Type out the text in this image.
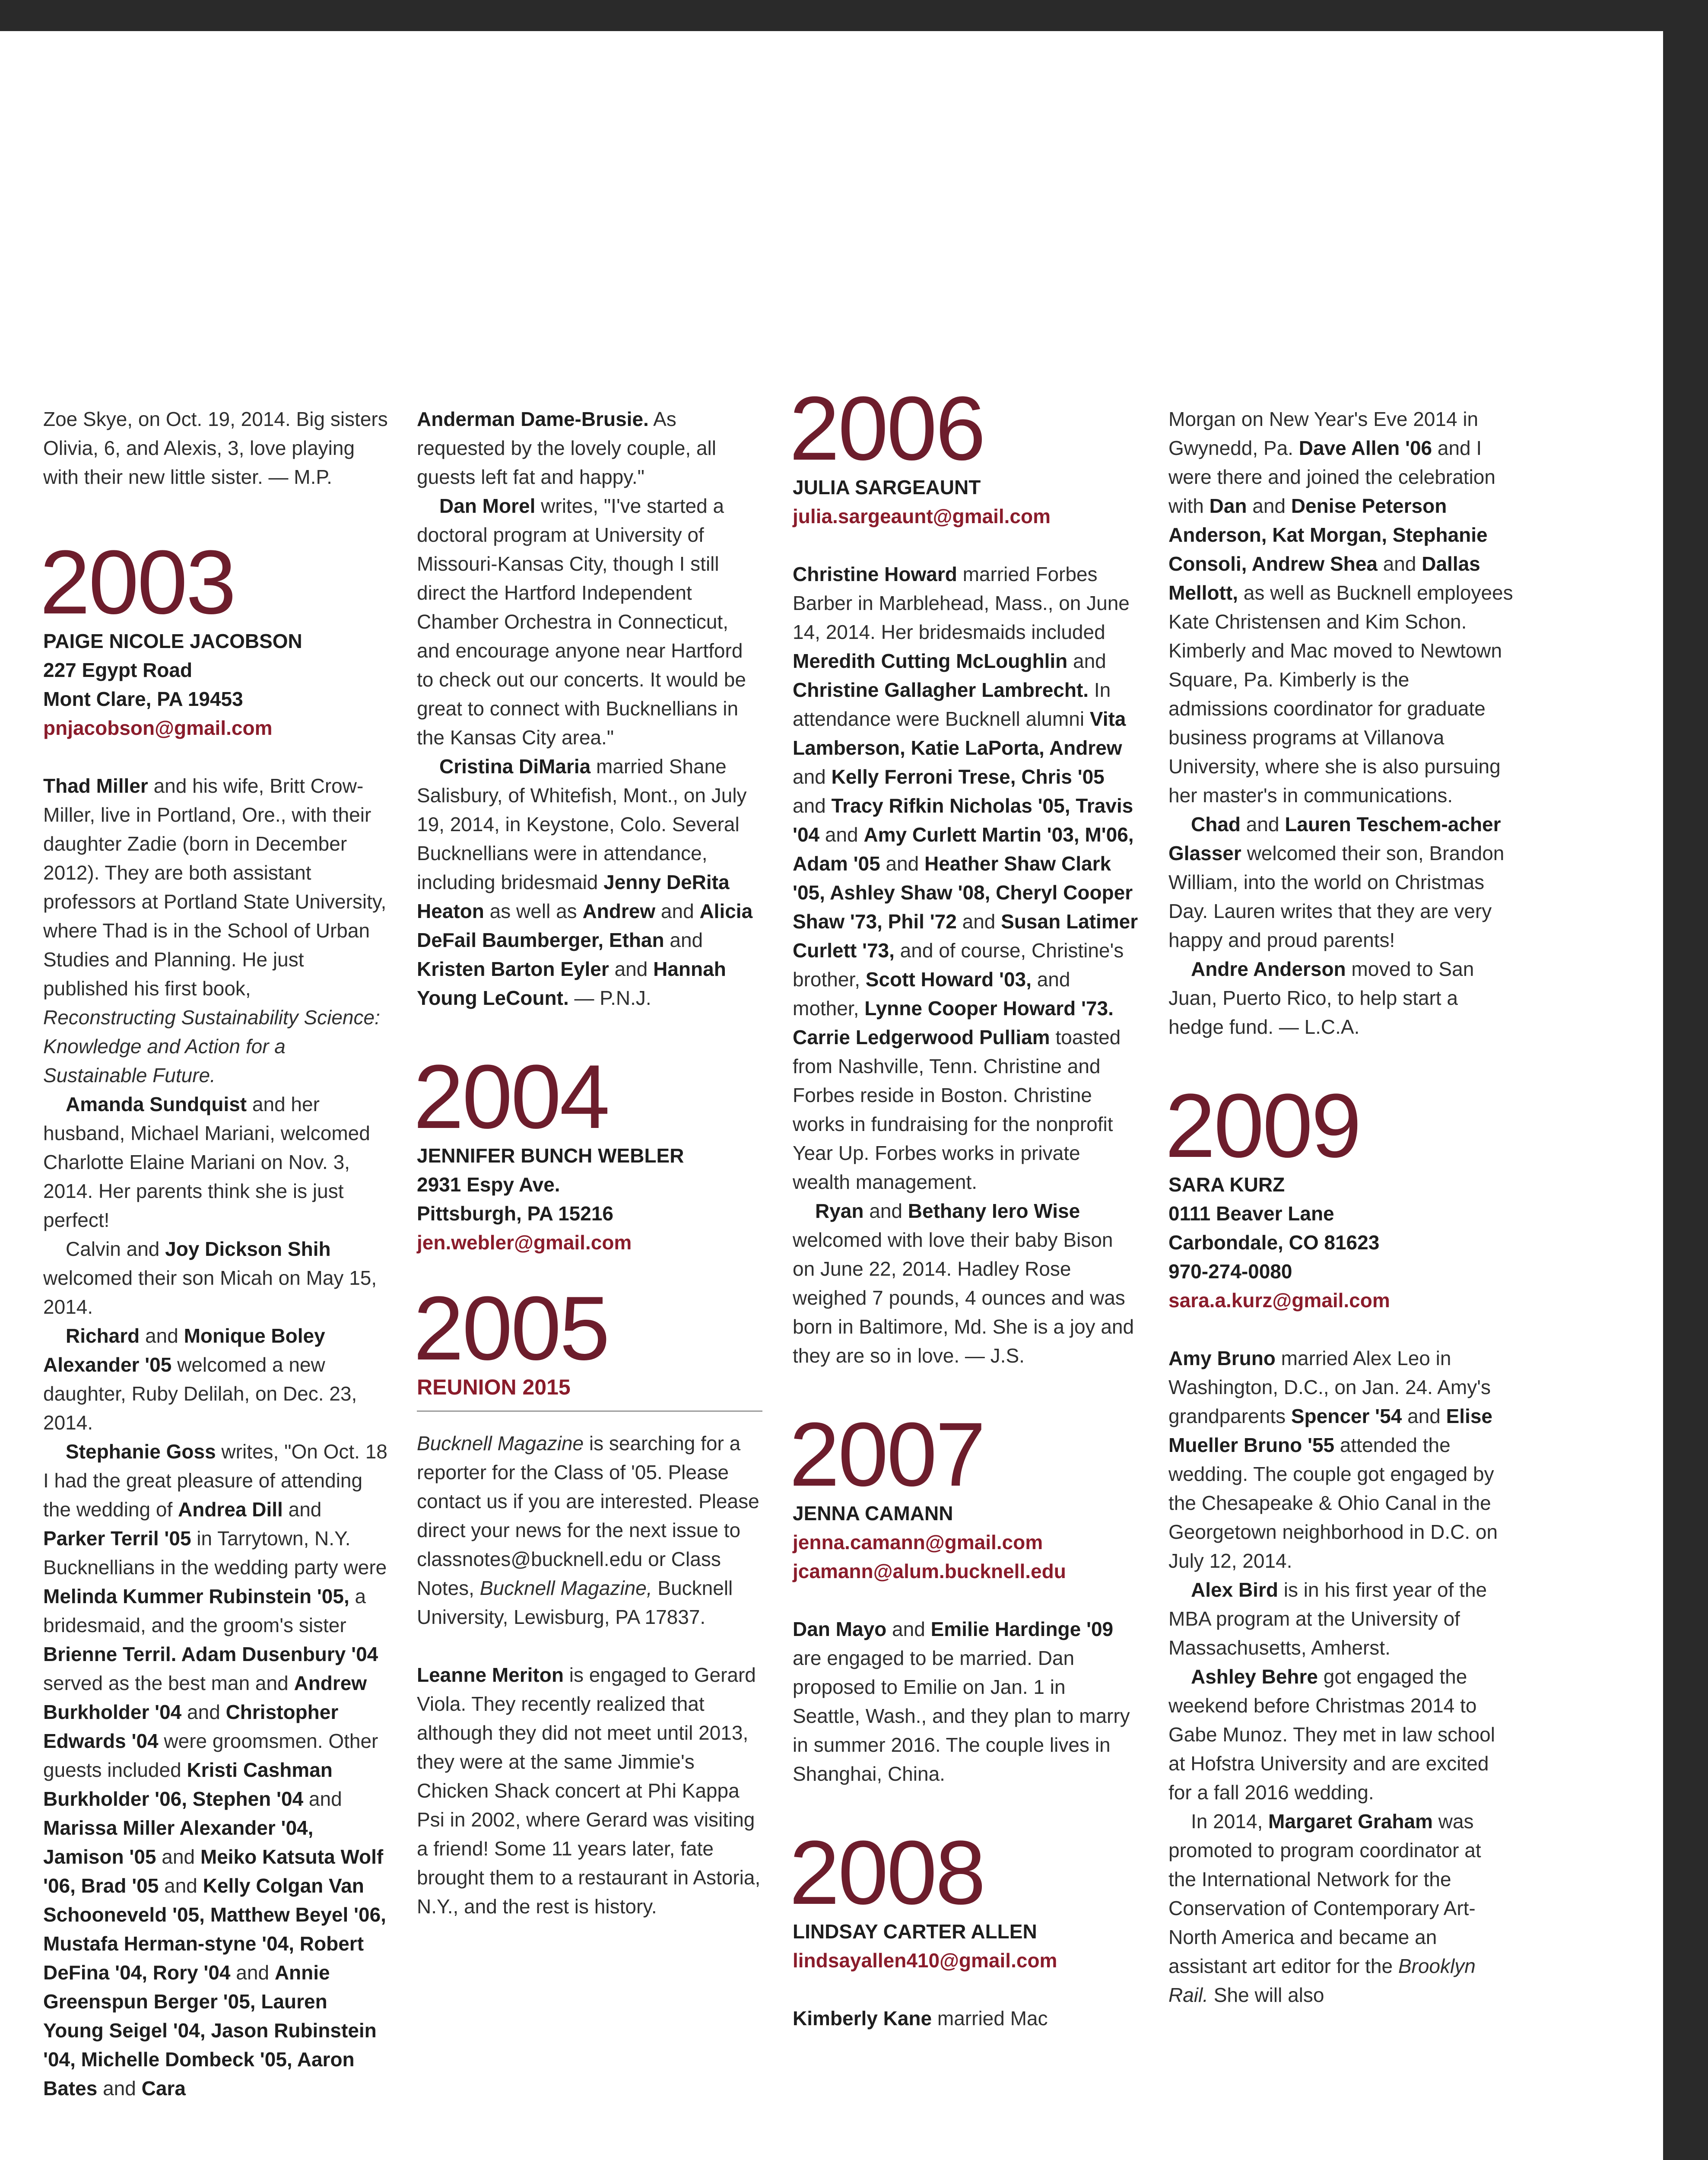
Zoe Skye, on Oct. 19, 2014. Big sisters Olivia, 6, and Alexis, 3, love playing with their new little sister. — M.P.

2003
PAIGE NICOLE JACOBSON
227 Egypt Road
Mont Clare, PA 19453
pnjacobson@gmail.com

Thad Miller and his wife, Britt Crow-Miller, live in Portland, Ore., with their daughter Zadie (born in December 2012). They are both assistant professors at Portland State University, where Thad is in the School of Urban Studies and Planning. He just published his first book, Reconstructing Sustainability Science: Knowledge and Action for a Sustainable Future.

Amanda Sundquist and her husband, Michael Mariani, welcomed Charlotte Elaine Mariani on Nov. 3, 2014. Her parents think she is just perfect!

Calvin and Joy Dickson Shih welcomed their son Micah on May 15, 2014.

Richard and Monique Boley Alexander '05 welcomed a new daughter, Ruby Delilah, on Dec. 23, 2014.

Stephanie Goss writes, "On Oct. 18 I had the great pleasure of attending the wedding of Andrea Dill and Parker Terril '05 in Tarrytown, N.Y. Bucknellians in the wedding party were Melinda Kummer Rubinstein '05, a bridesmaid, and the groom's sister Brienne Terril. Adam Dusenbury '04 served as the best man and Andrew Burkholder '04 and Christopher Edwards '04 were groomsmen. Other guests included Kristi Cashman Burkholder '06, Stephen '04 and Marissa Miller Alexander '04, Jamison '05 and Meiko Katsuta Wolf '06, Brad '05 and Kelly Colgan Van Schooneveld '05, Matthew Beyel '06, Mustafa Herman-styne '04, Robert DeFina '04, Rory '04 and Annie Greenspun Berger '05, Lauren Young Seigel '04, Jason Rubinstein '04, Michelle Dombeck '05, Aaron Bates and Cara

Anderman Dame-Brusie. As requested by the lovely couple, all guests left fat and happy."

Dan Morel writes, "I've started a doctoral program at University of Missouri-Kansas City, though I still direct the Hartford Independent Chamber Orchestra in Connecticut, and encourage anyone near Hartford to check out our concerts. It would be great to connect with Bucknellians in the Kansas City area."

Cristina DiMaria married Shane Salisbury, of Whitefish, Mont., on July 19, 2014, in Keystone, Colo. Several Bucknellians were in attendance, including bridesmaid Jenny DeRita Heaton as well as Andrew and Alicia DeFail Baumberger, Ethan and Kristen Barton Eyler and Hannah Young LeCount. — P.N.J.

2004
JENNIFER BUNCH WEBLER
2931 Espy Ave.
Pittsburgh, PA 15216
jen.webler@gmail.com
2005
REUNION 2015

Bucknell Magazine is searching for a reporter for the Class of '05. Please contact us if you are interested. Please direct your news for the next issue to classnotes@bucknell.edu or Class Notes, Bucknell Magazine, Bucknell University, Lewisburg, PA 17837.

Leanne Meriton is engaged to Gerard Viola. They recently realized that although they did not meet until 2013, they were at the same Jimmie's Chicken Shack concert at Phi Kappa Psi in 2002, where Gerard was visiting a friend! Some 11 years later, fate brought them to a restaurant in Astoria, N.Y., and the rest is history.

2006
JULIA SARGEAUNT
julia.sargeaunt@gmail.com

Christine Howard married Forbes Barber in Marblehead, Mass., on June 14, 2014. Her bridesmaids included Meredith Cutting McLoughlin and Christine Gallagher Lambrecht. In attendance were Bucknell alumni Vita Lamberson, Katie LaPorta, Andrew and Kelly Ferroni Trese, Chris '05 and Tracy Rifkin Nicholas '05, Travis '04 and Amy Curlett Martin '03, M'06, Adam '05 and Heather Shaw Clark '05, Ashley Shaw '08, Cheryl Cooper Shaw '73, Phil '72 and Susan Latimer Curlett '73, and of course, Christine's brother, Scott Howard '03, and mother, Lynne Cooper Howard '73. Carrie Ledgerwood Pulliam toasted from Nashville, Tenn. Christine and Forbes reside in Boston. Christine works in fundraising for the nonprofit Year Up. Forbes works in private wealth management.

Ryan and Bethany Iero Wise welcomed with love their baby Bison on June 22, 2014. Hadley Rose weighed 7 pounds, 4 ounces and was born in Baltimore, Md. She is a joy and they are so in love. — J.S.

2007
JENNA CAMANN
jenna.camann@gmail.com
jcamann@alum.bucknell.edu

Dan Mayo and Emilie Hardinge '09 are engaged to be married. Dan proposed to Emilie on Jan. 1 in Seattle, Wash., and they plan to marry in summer 2016. The couple lives in Shanghai, China.

2008
LINDSAY CARTER ALLEN
lindsayallen410@gmail.com

Kimberly Kane married Mac

Morgan on New Year's Eve 2014 in Gwynedd, Pa. Dave Allen '06 and I were there and joined the celebration with Dan and Denise Peterson Anderson, Kat Morgan, Stephanie Consoli, Andrew Shea and Dallas Mellott, as well as Bucknell employees Kate Christensen and Kim Schon. Kimberly and Mac moved to Newtown Square, Pa. Kimberly is the admissions coordinator for graduate business programs at Villanova University, where she is also pursuing her master's in communications.

Chad and Lauren Teschem-acher Glasser welcomed their son, Brandon William, into the world on Christmas Day. Lauren writes that they are very happy and proud parents!

Andre Anderson moved to San Juan, Puerto Rico, to help start a hedge fund. — L.C.A.

2009
SARA KURZ
0111 Beaver Lane
Carbondale, CO 81623
970-274-0080
sara.a.kurz@gmail.com

Amy Bruno married Alex Leo in Washington, D.C., on Jan. 24. Amy's grandparents Spencer '54 and Elise Mueller Bruno '55 attended the wedding. The couple got engaged by the Chesapeake & Ohio Canal in the Georgetown neighborhood in D.C. on July 12, 2014.

Alex Bird is in his first year of the MBA program at the University of Massachusetts, Amherst.

Ashley Behre got engaged the weekend before Christmas 2014 to Gabe Munoz. They met in law school at Hofstra University and are excited for a fall 2016 wedding.

In 2014, Margaret Graham was promoted to program coordinator at the International Network for the Conservation of Contemporary Art-North America and became an assistant art editor for the Brooklyn Rail. She will also
